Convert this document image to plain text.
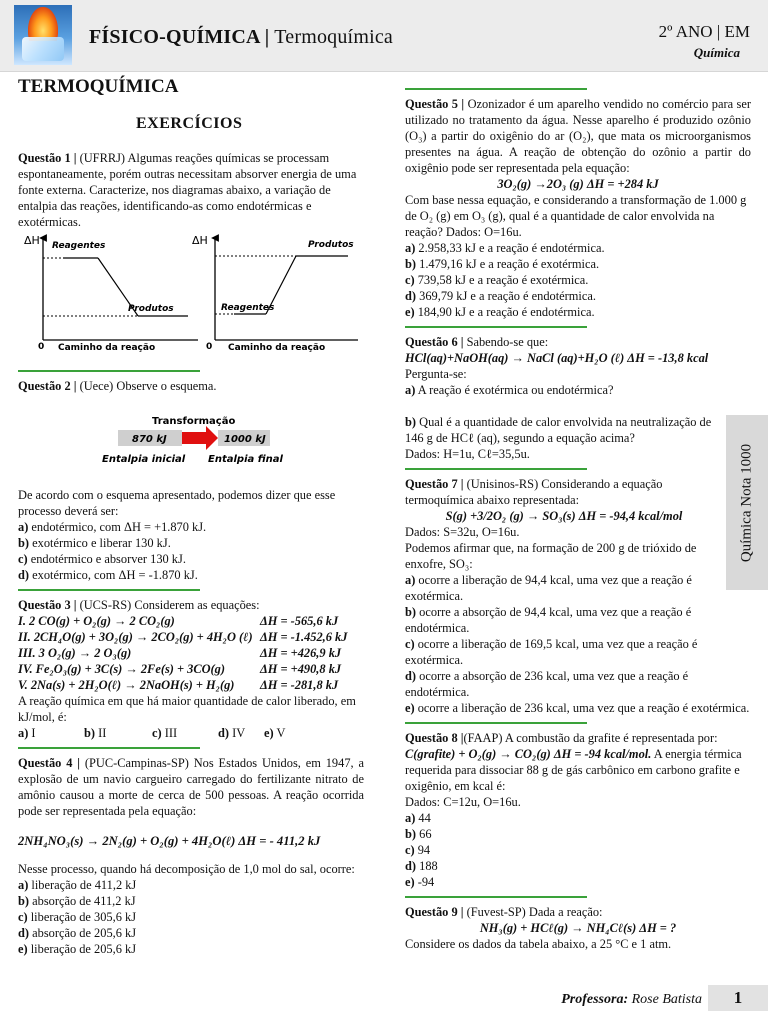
FÍSICO-QUÍMICA | Termoquímica	2º ANO | EM
Química
Química Nota 1000
TERMOQUÍMICA
EXERCÍCIOS

Questão 1 | (UFRRJ) Algumas reações químicas se processam espontaneamente, porém outras necessitam absorver energia de uma fonte externa. Caracterize, nos diagramas abaixo, a variação de entalpia das reações, identificando-as como endotérmicas e exotérmicas.

ΔH Reagentes
Produtos
0 Caminho da reação
ΔH	Produtos
Reagentes
0 Caminho da reação

Questão 2 | (Uece) Observe o esquema.

Transformação
870 kJ	1000 kJ
Entalpia inicial Entalpia final

De acordo com o esquema apresentado, podemos dizer que esse processo deverá ser:

a) endotérmico, com ΔH = +1.870 kJ.

b) exotérmico e liberar 130 kJ.

c) endotérmico e absorver 130 kJ.

d) exotérmico, com ΔH = -1.870 kJ.

Questão 3 | (UCS-RS) Considerem as equações:

I. 2 CO(g) + O₂(g) → 2 CO₂(g)	ΔH = -565,6 kJ

II. 2CH₄O(g) + 3O₂(g) → 2CO₂(g) + 4H₂O (ℓ) ΔH = -1.452,6 kJ

III. 3 O₂(g) → 2 O₃(g)	ΔH = +426,9 kJ

IV. Fe₂O₃(g) + 3C(s) → 2Fe(s) + 3CO(g)	ΔH = +490,8 kJ

V. 2Na(s) + 2H₂O(ℓ) → 2NaOH(s) + H₂(g) ΔH = -281,8 kJ

A reação química em que há maior quantidade de calor liberado, em kJ/mol, é:

a) I	b) II	c) III	d) IV e) V

Questão 4 | (PUC-Campinas-SP) Nos Estados Unidos, em 1947, a explosão de um navio cargueiro carregado do fertilizante nitrato de amônio causou a morte de cerca de 500 pessoas. A reação ocorrida pode ser representada pela equação:

2NH₄NO₃(s) → 2N₂(g) + O₂(g) + 4H₂O(ℓ) ΔH = - 411,2 kJ

Nesse processo, quando há decomposição de 1,0 mol do sal, ocorre:

a) liberação de 411,2 kJ

b) absorção de 411,2 kJ

c) liberação de 305,6 kJ

d) absorção de 205,6 kJ

e) liberação de 205,6 kJ

Questão 5 | Ozonizador é um aparelho vendido no comércio para ser utilizado no tratamento da água. Nesse aparelho é produzido ozônio (O₃) a partir do oxigênio do ar (O₂), que mata os microorganismos presentes na água. A reação de obtenção do ozônio a partir do oxigênio pode ser representada pela equação:

3O₂(g) →2O₃ (g) ΔH = +284 kJ

Com base nessa equação, e considerando a transformação de 1.000 g de O₂ (g) em O₃ (g), qual é a quantidade de calor envolvida na reação? Dados: O=16u.

a) 2.958,33 kJ e a reação é endotérmica.

b) 1.479,16 kJ e a reação é exotérmica.

c) 739,58 kJ e a reação é exotérmica.

d) 369,79 kJ e a reação é endotérmica.

e) 184,90 kJ e a reação é endotérmica.

Questão 6 | Sabendo-se que:

HCl(aq)+NaOH(aq) → NaCl (aq)+H₂O (ℓ) ΔH = -13,8 kcal

Pergunta-se:

a) A reação é exotérmica ou endotérmica?

b) Qual é a quantidade de calor envolvida na neutralização de 146 g de HCℓ (aq), segundo a equação acima?

Dados: H=1u, Cℓ=35,5u.

Questão 7 | (Unisinos-RS) Considerando a equação termoquímica abaixo representada:

S(g) +3/2O₂ (g) → SO₃(s) ΔH = -94,4 kcal/mol

Dados: S=32u, O=16u.

Podemos afirmar que, na formação de 200 g de trióxido de enxofre, SO₃:

a) ocorre a liberação de 94,4 kcal, uma vez que a reação é exotérmica.

b) ocorre a absorção de 94,4 kcal, uma vez que a reação é endotérmica.

c) ocorre a liberação de 169,5 kcal, uma vez que a reação é exotérmica.

d) ocorre a absorção de 236 kcal, uma vez que a reação é endotérmica.

e) ocorre a liberação de 236 kcal, uma vez que a reação é exotérmica.

Questão 8 |(FAAP) A combustão da grafite é representada por: C(grafite) + O₂(g) → CO₂(g) ΔH = -94 kcal/mol. A energia térmica requerida para dissociar 88 g de gás carbônico em carbono grafite e oxigênio, em kcal é:

Dados: C=12u, O=16u.

a) 44

b) 66

c) 94

d) 188

e) -94

Questão 9 | (Fuvest-SP) Dada a reação:

NH₃(g) + HCℓ(g) → NH₄Cℓ(s) ΔH = ?

Considere os dados da tabela abaixo, a 25 °C e 1 atm.

Professora: Rose Batista	1
